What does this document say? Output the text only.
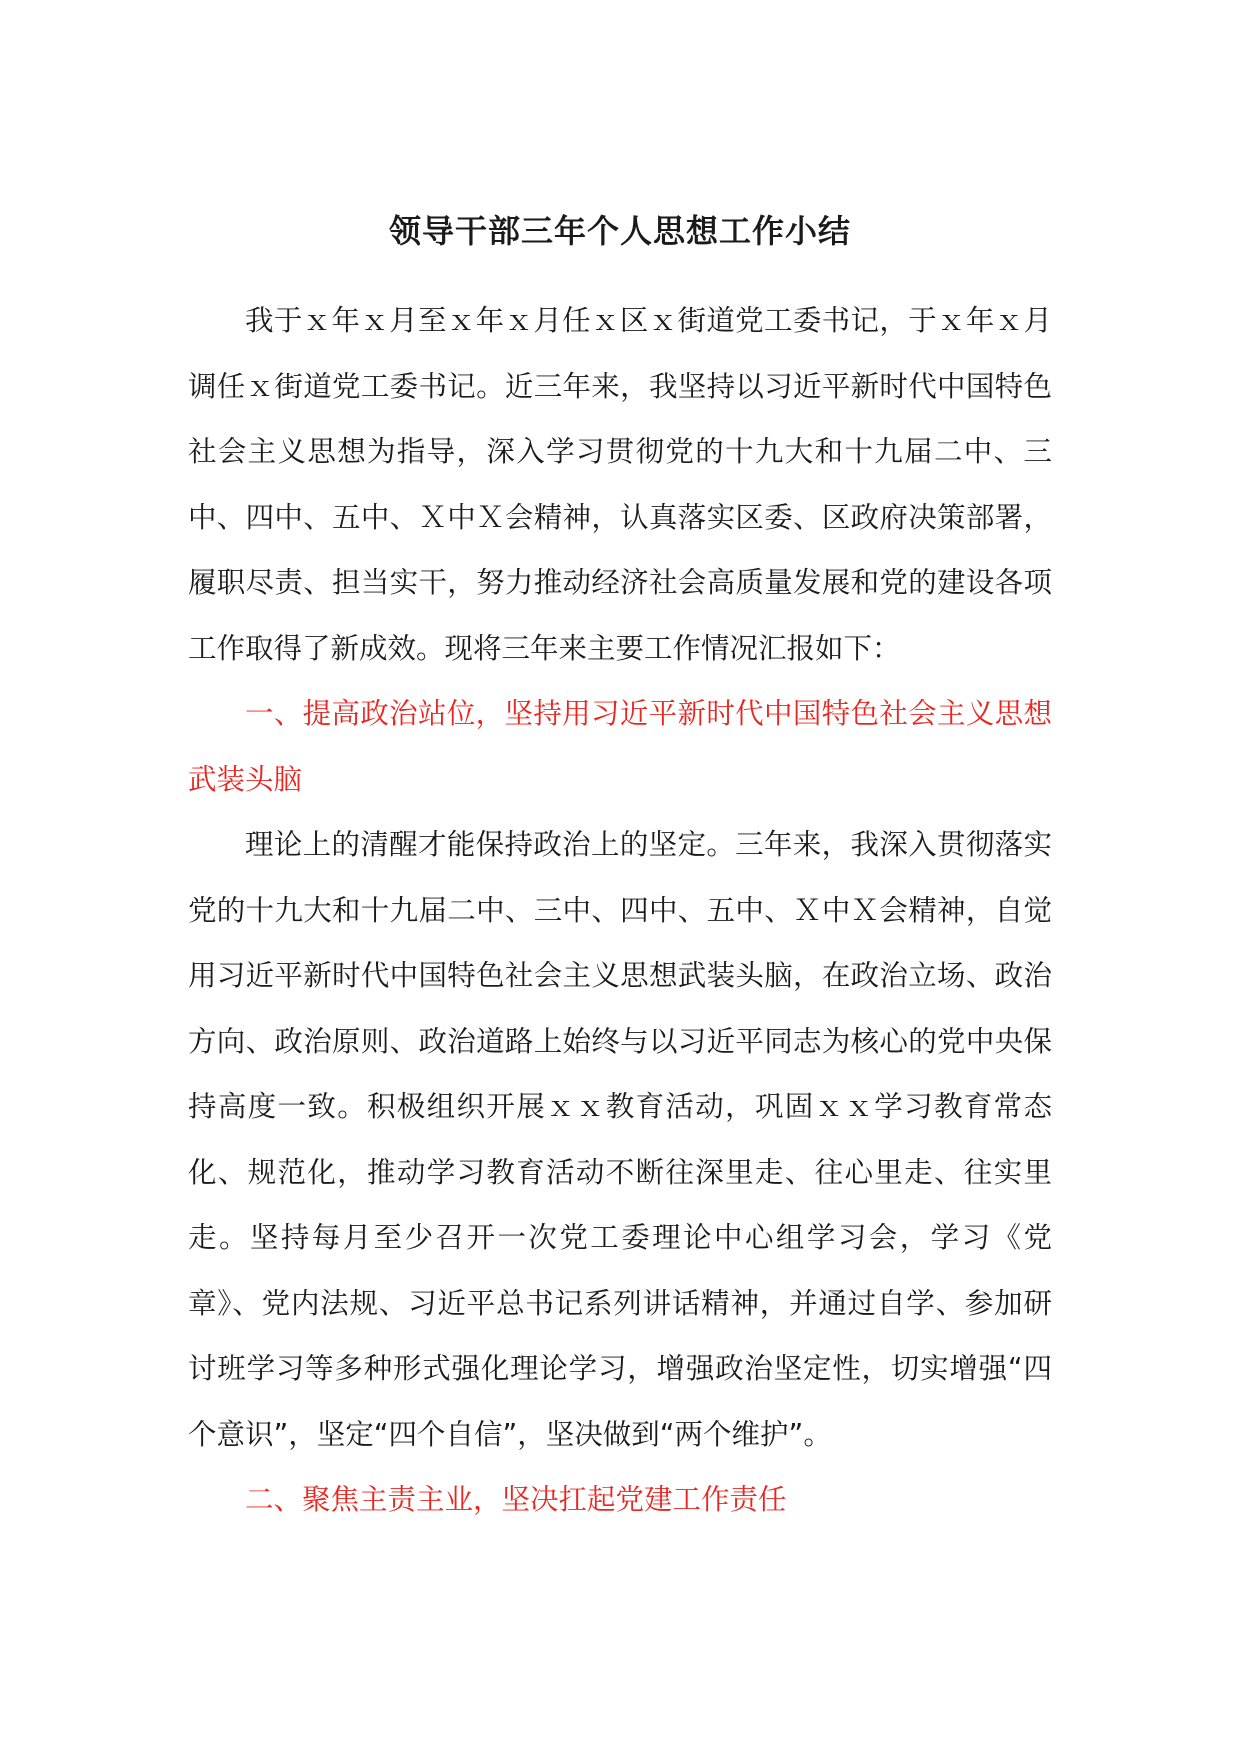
领导干部三年个人思想工作小结

我于ｘ年ｘ月至ｘ年ｘ月任ｘ区ｘ街道党工委书记，于ｘ年ｘ月调任ｘ街道党工委书记。近三年来，我坚持以习近平新时代中国特色社会主义思想为指导，深入学习贯彻党的十九大和十九届二中、三中、四中、五中、Ｘ中Ｘ会精神，认真落实区委、区政府决策部署，履职尽责、担当实干，努力推动经济社会高质量发展和党的建设各项工作取得了新成效。现将三年来主要工作情况汇报如下：

一、提高政治站位，坚持用习近平新时代中国特色社会主义思想武装头脑

理论上的清醒才能保持政治上的坚定。三年来，我深入贯彻落实党的十九大和十九届二中、三中、四中、五中、Ｘ中Ｘ会精神，自觉用习近平新时代中国特色社会主义思想武装头脑，在政治立场、政治方向、政治原则、政治道路上始终与以习近平同志为核心的党中央保持高度一致。积极组织开展ｘｘ教育活动，巩固ｘｘ学习教育常态化、规范化，推动学习教育活动不断往深里走、往心里走、往实里走。坚持每月至少召开一次党工委理论中心组学习会，学习《党章》、党内法规、习近平总书记系列讲话精神，并通过自学、参加研讨班学习等多种形式强化理论学习，增强政治坚定性，切实增强“四个意识”，坚定“四个自信”，坚决做到“两个维护”。

二、聚焦主责主业，坚决扛起党建工作责任
